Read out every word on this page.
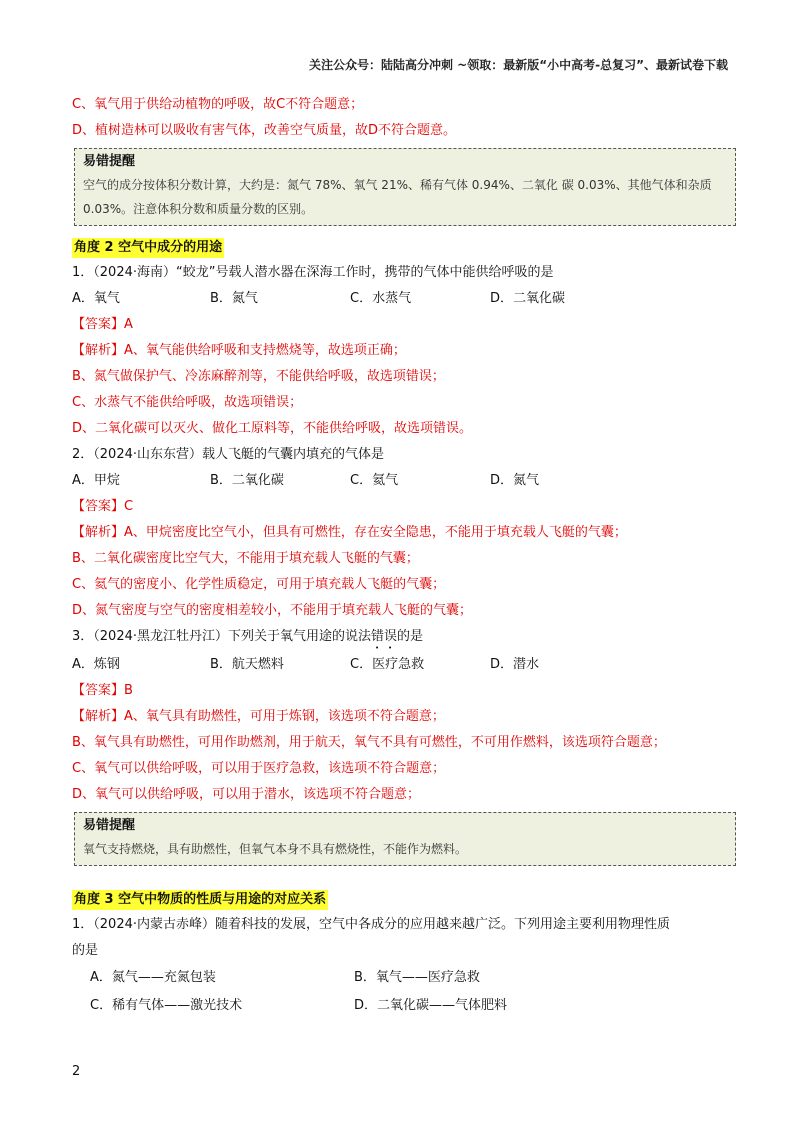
关注公众号：陆陆高分冲刺 ~领取：最新版“小中高考-总复习”、最新试卷下载
C、氧气用于供给动植物的呼吸，故C不符合题意；
D、植树造林可以吸收有害气体，改善空气质量，故D不符合题意。
易错提醒
空气的成分按体积分数计算，大约是：氮气 78%、氧气 21%、稀有气体 0.94%、二氧化 碳 0.03%、其他气体和杂质 0.03%。注意体积分数和质量分数的区别。
角度 2 空气中成分的用途
1．（2024·海南）“蛟龙”号载人潜水器在深海工作时，携带的气体中能供给呼吸的是
A．氧气	B．氮气	C．水蒸气	D．二氧化碳
【答案】A
【解析】A、氧气能供给呼吸和支持燃烧等，故选项正确；
B、氮气做保护气、冷冻麻醉剂等，不能供给呼吸，故选项错误；
C、水蒸气不能供给呼吸，故选项错误；
D、二氧化碳可以灭火、做化工原料等，不能供给呼吸，故选项错误。
2．（2024·山东东营）载人飞艇的气囊内填充的气体是
A．甲烷	B．二氧化碳	C．氦气	D．氮气
【答案】C
【解析】A、甲烷密度比空气小，但具有可燃性，存在安全隐患，不能用于填充载人飞艇的气囊；
B、二氧化碳密度比空气大，不能用于填充载人飞艇的气囊；
C、氦气的密度小、化学性质稳定，可用于填充载人飞艇的气囊；
D、氮气密度与空气的密度相差较小，不能用于填充载人飞艇的气囊；
3．（2024·黑龙江牡丹江）下列关于氧气用途的说法错误的是
A．炼钢	B．航天燃料	C．医疗急救	D．潜水
【答案】B
【解析】A、氧气具有助燃性，可用于炼钢，该选项不符合题意；
B、氧气具有助燃性，可用作助燃剂，用于航天，氧气不具有可燃性，不可用作燃料，该选项符合题意；
C、氧气可以供给呼吸，可以用于医疗急救，该选项不符合题意；
D、氧气可以供给呼吸，可以用于潜水，该选项不符合题意；
易错提醒
氧气支持燃烧，具有助燃性，但氧气本身不具有燃烧性，不能作为燃料。
角度 3 空气中物质的性质与用途的对应关系
1．（2024·内蒙古赤峰）随着科技的发展，空气中各成分的应用越来越广泛。下列用途主要利用物理性质
的是
A．氮气——充氮包装	B．氧气——医疗急救
C．稀有气体——激光技术	D．二氧化碳——气体肥料
2
